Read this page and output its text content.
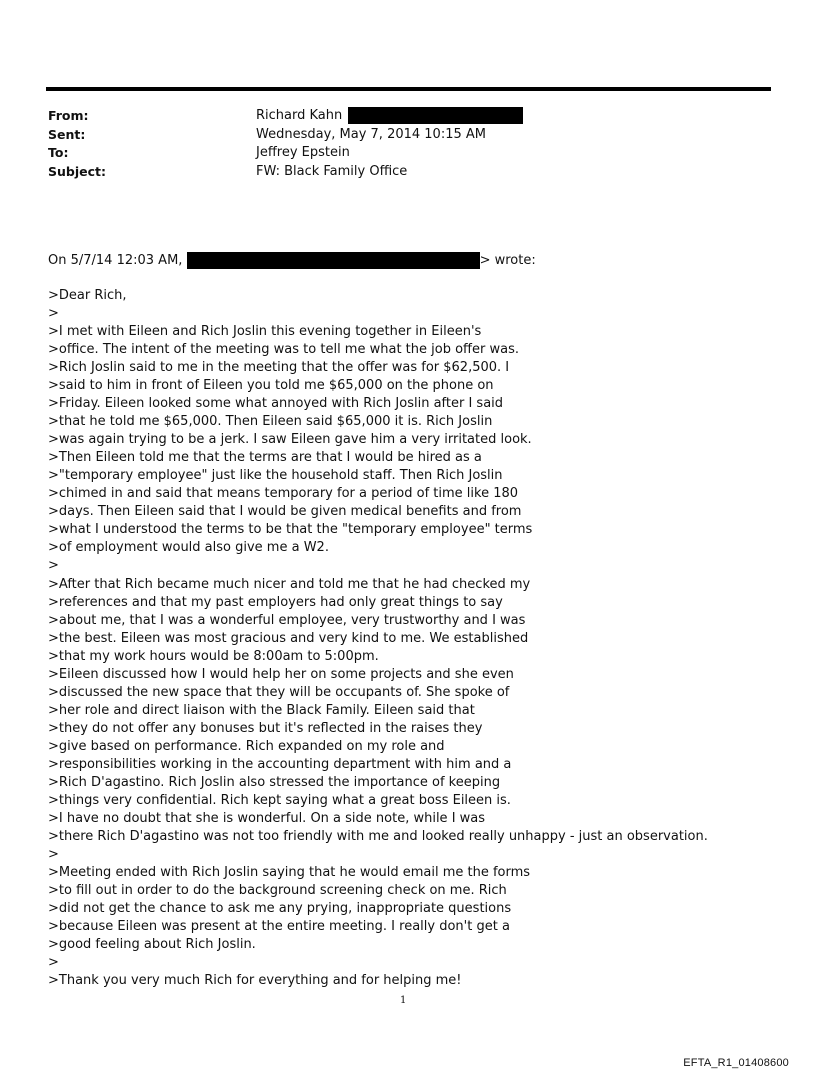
From:	Richard Kahn
Sent:	Wednesday, May 7, 2014 10:15 AM
To:	Jeffrey Epstein
Subject:	FW: Black Family Office
On 5/7/14 12:03 AM,	> wrote:
>Dear Rich,
>
>I met with Eileen and Rich Joslin this evening together in Eileen's
>office. The intent of the meeting was to tell me what the job offer was.
>Rich Joslin said to me in the meeting that the offer was for $62,500. I
>said to him in front of Eileen you told me $65,000 on the phone on
>Friday. Eileen looked some what annoyed with Rich Joslin after I said
>that he told me $65,000. Then Eileen said $65,000 it is. Rich Joslin
>was again trying to be a jerk. I saw Eileen gave him a very irritated look.
>Then Eileen told me that the terms are that I would be hired as a
>"temporary employee" just like the household staff. Then Rich Joslin
>chimed in and said that means temporary for a period of time like 180
>days. Then Eileen said that I would be given medical benefits and from
>what I understood the terms to be that the "temporary employee" terms
>of employment would also give me a W2.
>
>After that Rich became much nicer and told me that he had checked my
>references and that my past employers had only great things to say
>about me, that I was a wonderful employee, very trustworthy and I was
>the best. Eileen was most gracious and very kind to me. We established
>that my work hours would be 8:00am to 5:00pm.
>Eileen discussed how I would help her on some projects and she even
>discussed the new space that they will be occupants of. She spoke of
>her role and direct liaison with the Black Family. Eileen said that
>they do not offer any bonuses but it's reflected in the raises they
>give based on performance. Rich expanded on my role and
>responsibilities working in the accounting department with him and a
>Rich D'agastino. Rich Joslin also stressed the importance of keeping
>things very confidential. Rich kept saying what a great boss Eileen is.
>I have no doubt that she is wonderful. On a side note, while I was
>there Rich D'agastino was not too friendly with me and looked really unhappy - just an observation.
>
>Meeting ended with Rich Joslin saying that he would email me the forms
>to fill out in order to do the background screening check on me. Rich
>did not get the chance to ask me any prying, inappropriate questions
>because Eileen was present at the entire meeting. I really don't get a
>good feeling about Rich Joslin.
>
>Thank you very much Rich for everything and for helping me!
1
EFTA_R1_01408600
